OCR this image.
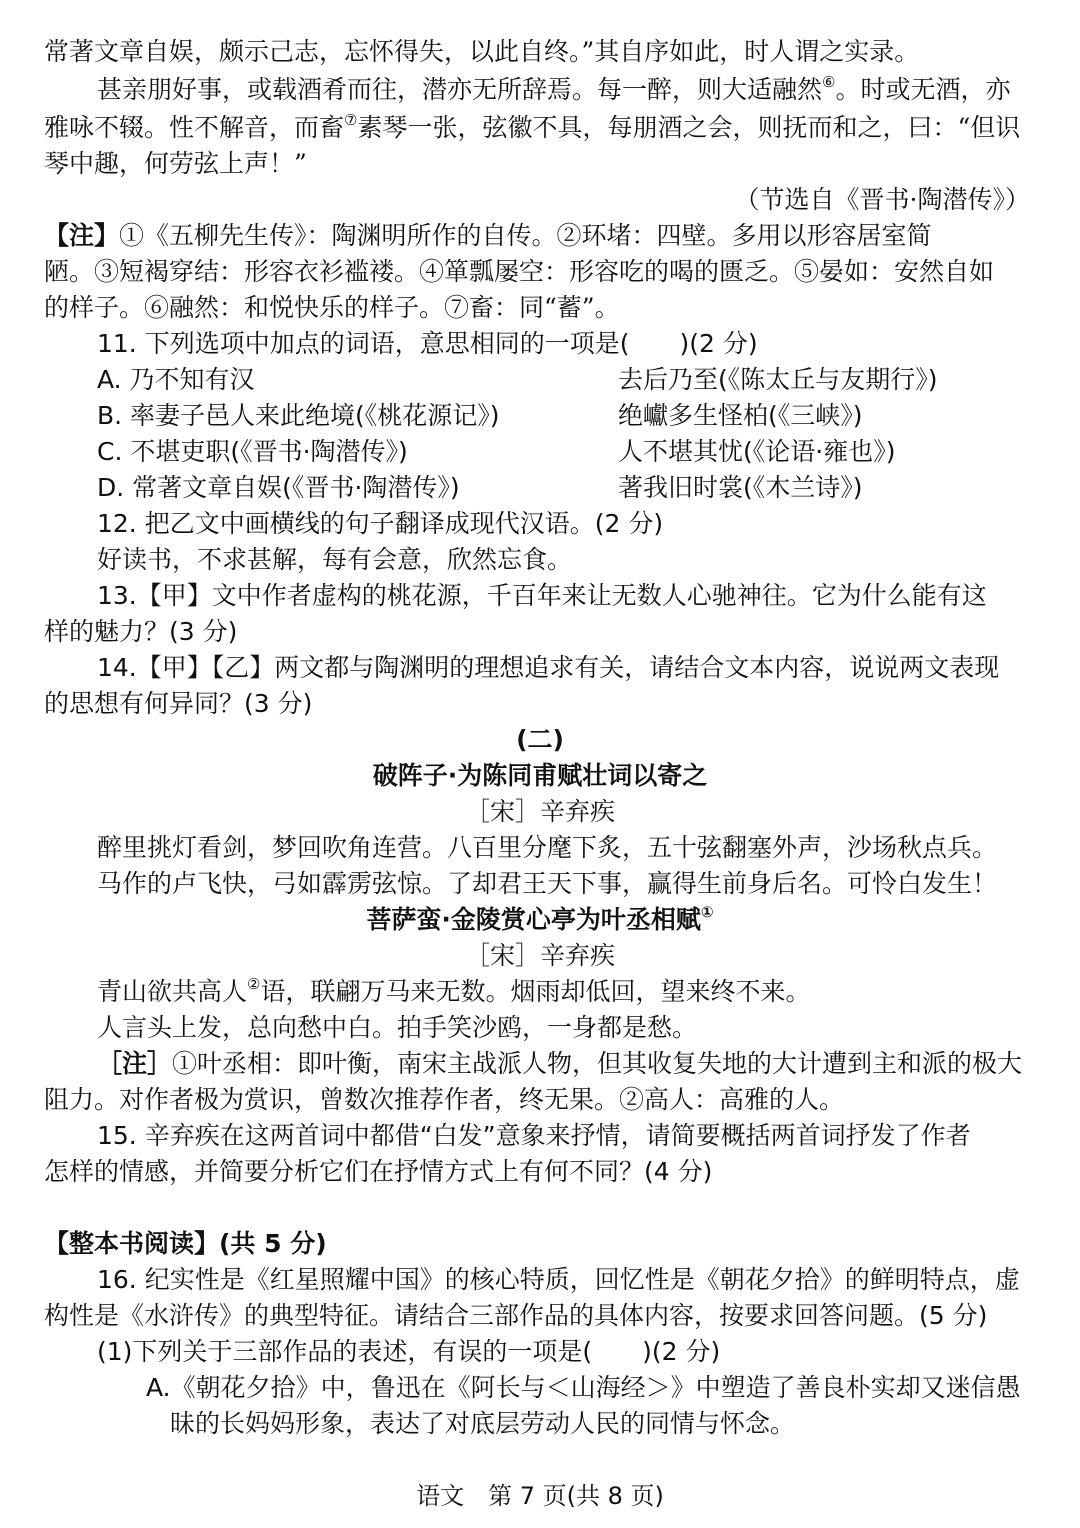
常著文章自娱，颇示己志，忘怀得失，以此自终。”其自序如此，时人谓之实录。
甚亲朋好事，或载酒肴而往，潜亦无所辞焉。每一醉，则大适融然⑥。时或无酒，亦
雅咏不辍。性不解音，而畜⑦素琴一张，弦徽不具，每朋酒之会，则抚而和之，曰：“但识
琴中趣，何劳弦上声！”
（节选自《晋书·陶潜传》）
【注】①《五柳先生传》：陶渊明所作的自传。②环堵：四壁。多用以形容居室简
陋。③短褐穿结：形容衣衫褴褛。④箪瓢屡空：形容吃的喝的匮乏。⑤晏如：安然自如
的样子。⑥融然：和悦快乐的样子。⑦畜：同“蓄”。
11. 下列选项中加点的词语，意思相同的一项是(　　)(2 分)
A. 乃不知有汉	去后乃至(《陈太丘与友期行》)
B. 率妻子邑人来此绝境(《桃花源记》)	绝巘多生怪柏(《三峡》)
C. 不堪吏职(《晋书·陶潜传》)	人不堪其忧(《论语·雍也》)
D. 常著文章自娱(《晋书·陶潜传》)	著我旧时裳(《木兰诗》)
12. 把乙文中画横线的句子翻译成现代汉语。(2 分)
好读书，不求甚解，每有会意，欣然忘食。
13.【甲】文中作者虚构的桃花源，千百年来让无数人心驰神往。它为什么能有这
样的魅力？(3 分)
14.【甲】【乙】两文都与陶渊明的理想追求有关，请结合文本内容，说说两文表现
的思想有何异同？(3 分)
(二)
破阵子·为陈同甫赋壮词以寄之
［宋］辛弃疾
醉里挑灯看剑，梦回吹角连营。八百里分麾下炙，五十弦翻塞外声，沙场秋点兵。
马作的卢飞快，弓如霹雳弦惊。了却君王天下事，赢得生前身后名。可怜白发生！
菩萨蛮·金陵赏心亭为叶丞相赋①
［宋］辛弃疾
青山欲共高人②语，联翩万马来无数。烟雨却低回，望来终不来。
人言头上发，总向愁中白。拍手笑沙鸥，一身都是愁。
［注］①叶丞相：即叶衡，南宋主战派人物，但其收复失地的大计遭到主和派的极大
阻力。对作者极为赏识，曾数次推荐作者，终无果。②高人：高雅的人。
15. 辛弃疾在这两首词中都借“白发”意象来抒情，请简要概括两首词抒发了作者
怎样的情感，并简要分析它们在抒情方式上有何不同？(4 分)
【整本书阅读】(共 5 分)
16. 纪实性是《红星照耀中国》的核心特质，回忆性是《朝花夕拾》的鲜明特点，虚
构性是《水浒传》的典型特征。请结合三部作品的具体内容，按要求回答问题。(5 分)
(1)下列关于三部作品的表述，有误的一项是(　　)(2 分)
A.《朝花夕拾》中，鲁迅在《阿长与＜山海经＞》中塑造了善良朴实却又迷信愚
昧的长妈妈形象，表达了对底层劳动人民的同情与怀念。
语文　第 7 页(共 8 页)
